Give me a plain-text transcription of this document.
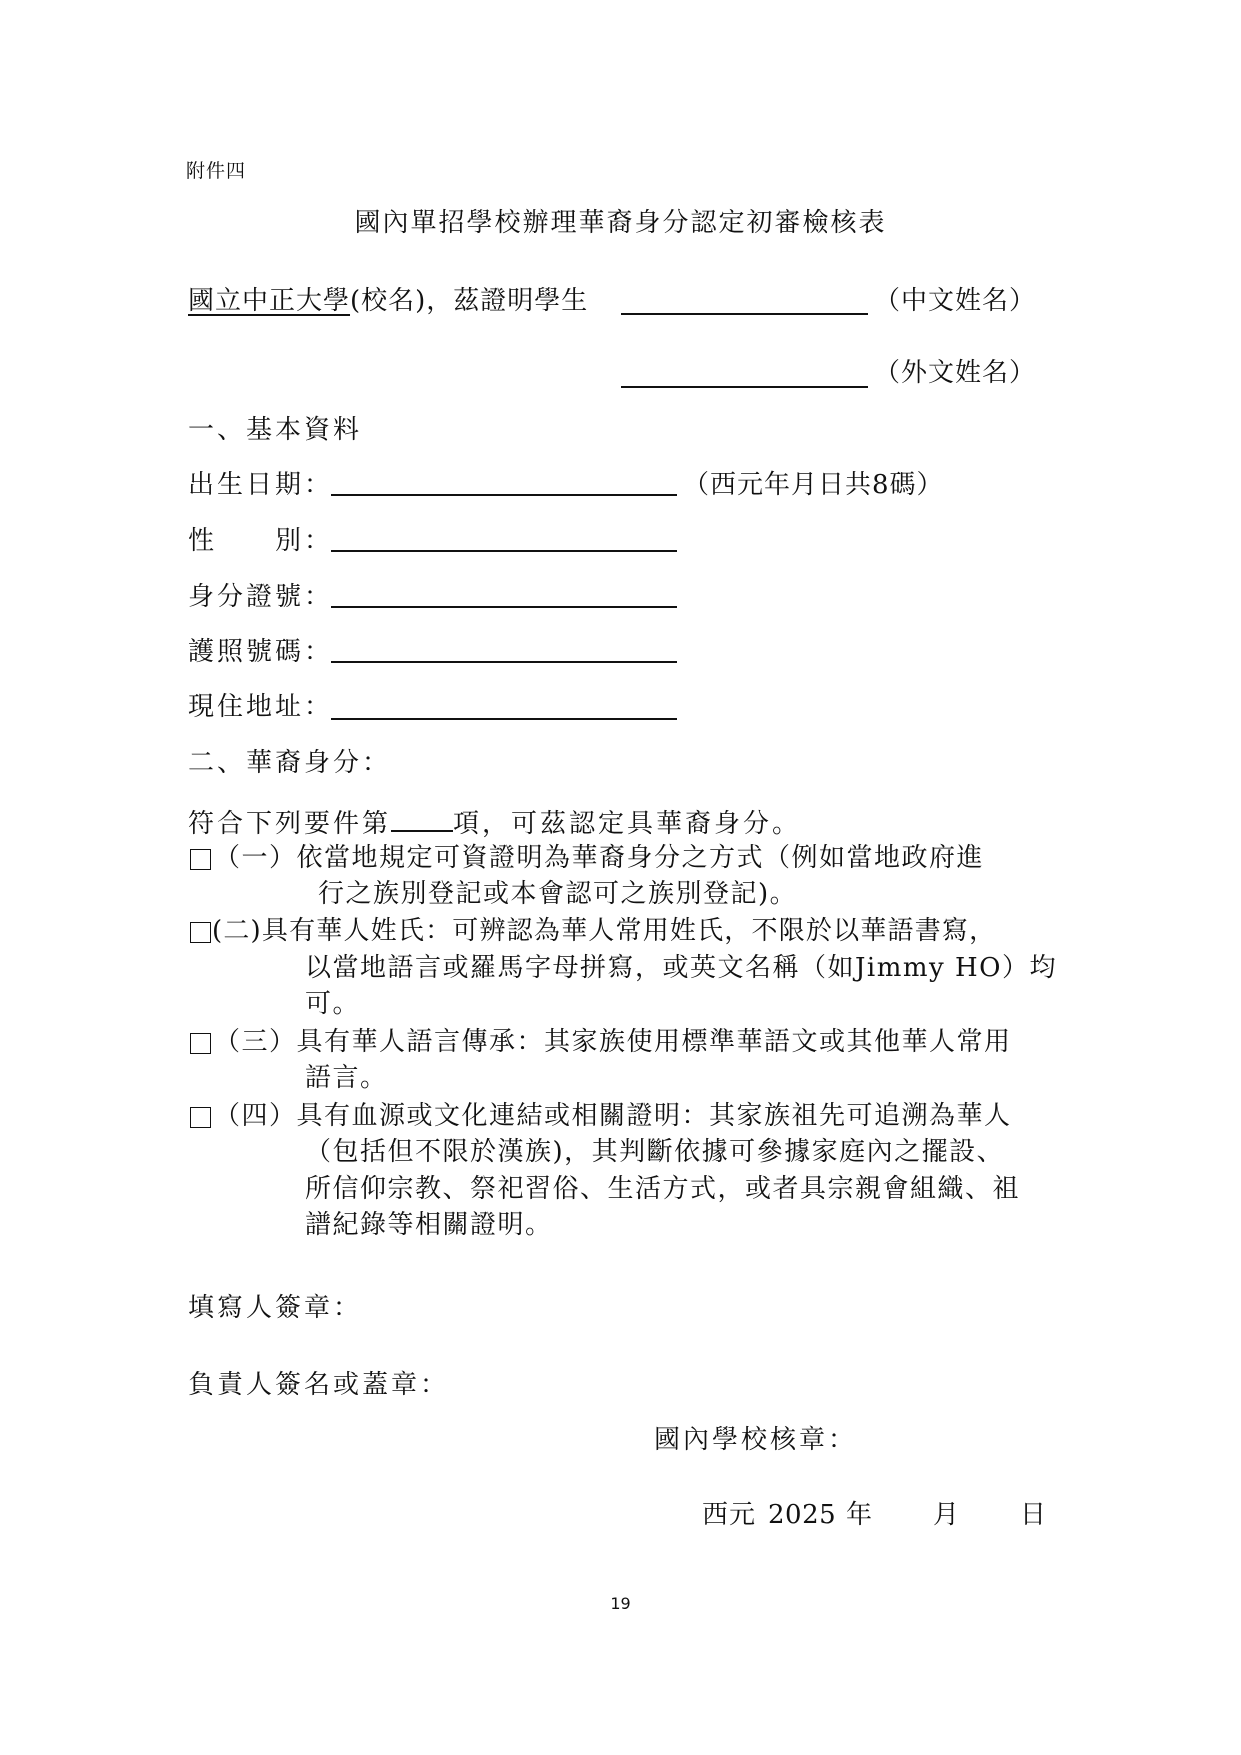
附件四
國內單招學校辦理華裔身分認定初審檢核表
國立中正大學(校名)，茲證明學生	（中文姓名）
（外文姓名）
一、基本資料
出生日期：	（西元年月日共8碼）
性　　別：
身分證號：
護照號碼：
現住地址：
二、華裔身分：
符合下列要件第 項，可茲認定具華裔身分。
（一）依當地規定可資證明為華裔身分之方式（例如當地政府進
行之族別登記或本會認可之族別登記)。
(二)具有華人姓氏：可辨認為華人常用姓氏，不限於以華語書寫，
以當地語言或羅馬字母拼寫，或英文名稱（如Jimmy HO）均
可。
（三）具有華人語言傳承：其家族使用標準華語文或其他華人常用
語言。
（四）具有血源或文化連結或相關證明：其家族祖先可追溯為華人
（包括但不限於漢族)，其判斷依據可參據家庭內之擺設、
所信仰宗教、祭祀習俗、生活方式，或者具宗親會組織、祖
譜紀錄等相關證明。
填寫人簽章：
負責人簽名或蓋章：
國內學校核章：
西元 2025 年 月 日
19
